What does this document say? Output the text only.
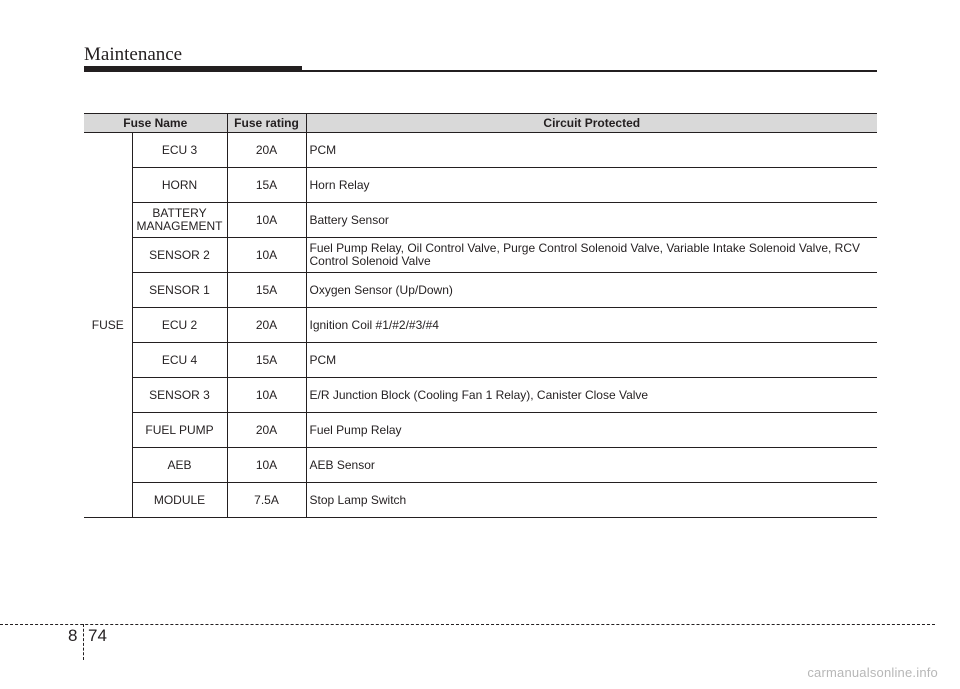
Maintenance
Fuse Name		Fuse rating	Circuit Protected
FUSE	ECU 3	20A	PCM
	HORN	15A	Horn Relay
	BATTERY MANAGEMENT	10A	Battery Sensor
	SENSOR 2	10A	Fuel Pump Relay, Oil Control Valve, Purge Control Solenoid Valve, Variable Intake Solenoid Valve, RCV Control Solenoid Valve
	SENSOR 1	15A	Oxygen Sensor (Up/Down)
	ECU 2	20A	Ignition Coil #1/#2/#3/#4
	ECU 4	15A	PCM
	SENSOR 3	10A	E/R Junction Block (Cooling Fan 1 Relay), Canister Close Valve
	FUEL PUMP	20A	Fuel Pump Relay
	AEB	10A	AEB Sensor
	MODULE	7.5A	Stop Lamp Switch
8 74
carmanualsonline.info
